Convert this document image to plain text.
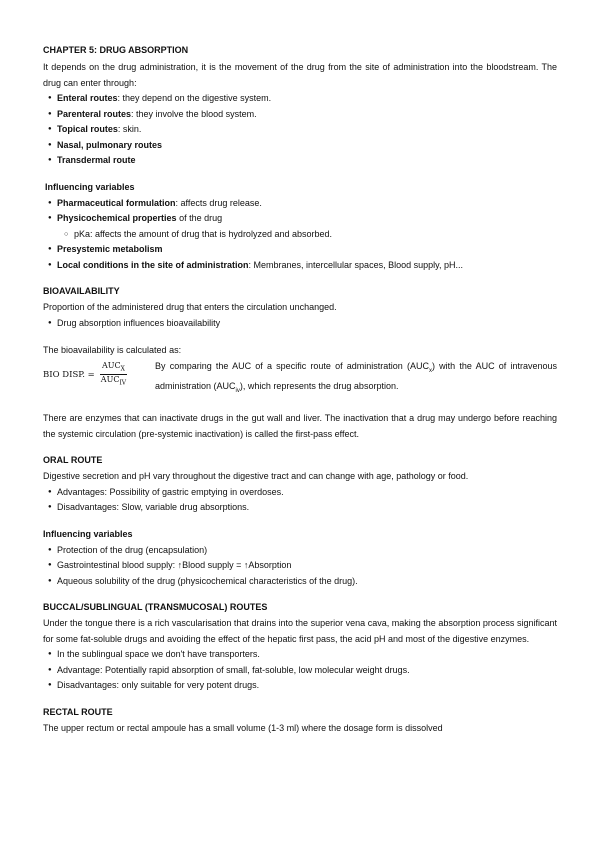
CHAPTER 5: DRUG ABSORPTION

It depends on the drug administration, it is the movement of the drug from the site of administration into the bloodstream. The drug can enter through:

● Enteral routes: they depend on the digestive system.
● Parenteral routes: they involve the blood system.
● Topical routes: skin.
● Nasal, pulmonary routes
● Transdermal route
Influencing variables
● Pharmaceutical formulation: affects drug release.
● Physicochemical properties of the drug
○ pKa: affects the amount of drug that is hydrolyzed and absorbed.
● Presystemic metabolism
● Local conditions in the site of administration: Membranes, intercellular spaces, Blood supply, pH...
BIOAVAILABILITY

Proportion of the administered drug that enters the circulation unchanged.

● Drug absorption influences bioavailability

The bioavailability is calculated as:

BIO DISP. = $\frac{AUC_X}{AUC_{IV}}$	By comparing the AUC of a specific route of administration $(AUC_x)$ with the AUC of intravenous administration $(AUC_{iv})$, which represents the drug absorption.

There are enzymes that can inactivate drugs in the gut wall and liver. The inactivation that a drug may undergo before reaching the systemic circulation (pre-systemic inactivation) is called the first-pass effect.

ORAL ROUTE

Digestive secretion and pH vary throughout the digestive tract and can change with age, pathology or food.

● Advantages: Possibility of gastric emptying in overdoses.
● Disadvantages: Slow, variable drug absorptions.
Influencing variables
● Protection of the drug (encapsulation)
● Gastrointestinal blood supply: ↑Blood supply = ↑Absorption
● Aqueous solubility of the drug (physicochemical characteristics of the drug).
BUCCAL/SUBLINGUAL (TRANSMUCOSAL) ROUTES

Under the tongue there is a rich vascularisation that drains into the superior vena cava, making the absorption process significant for some fat-soluble drugs and avoiding the effect of the hepatic first pass, the acid pH and most of the digestive enzymes.

● In the sublingual space we don't have transporters.
● Advantage: Potentially rapid absorption of small, fat-soluble, low molecular weight drugs.
● Disadvantages: only suitable for very potent drugs.
RECTAL ROUTE

The upper rectum or rectal ampoule has a small volume (1-3 ml) where the dosage form is dissolved
